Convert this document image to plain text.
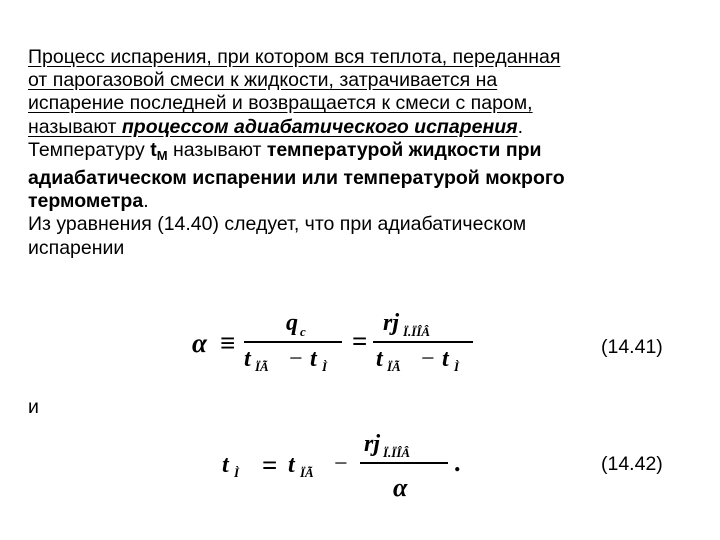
Процесс испарения, при котором вся теплота, переданная
от парогазовой смеси к жидкости, затрачивается на
испарение последней и возвращается к смеси с паром,
называют процессом адиабатического испарения.
Температуру $t_М$ называют температурой жидкости при
адиабатическом испарении или температурой мокрого
термометра.
Из уравнения (14.40) следует, что при адиабатическом
испарении
α ≡
q c
t ÏÃ − t Ì
=
rj Ï.ÏÎÂ
t ÏÃ − t Ì
(14.41)
и
t Ì = t ÏÃ −
rj Ï.ÏÎÂ
α
.	(14.42)
